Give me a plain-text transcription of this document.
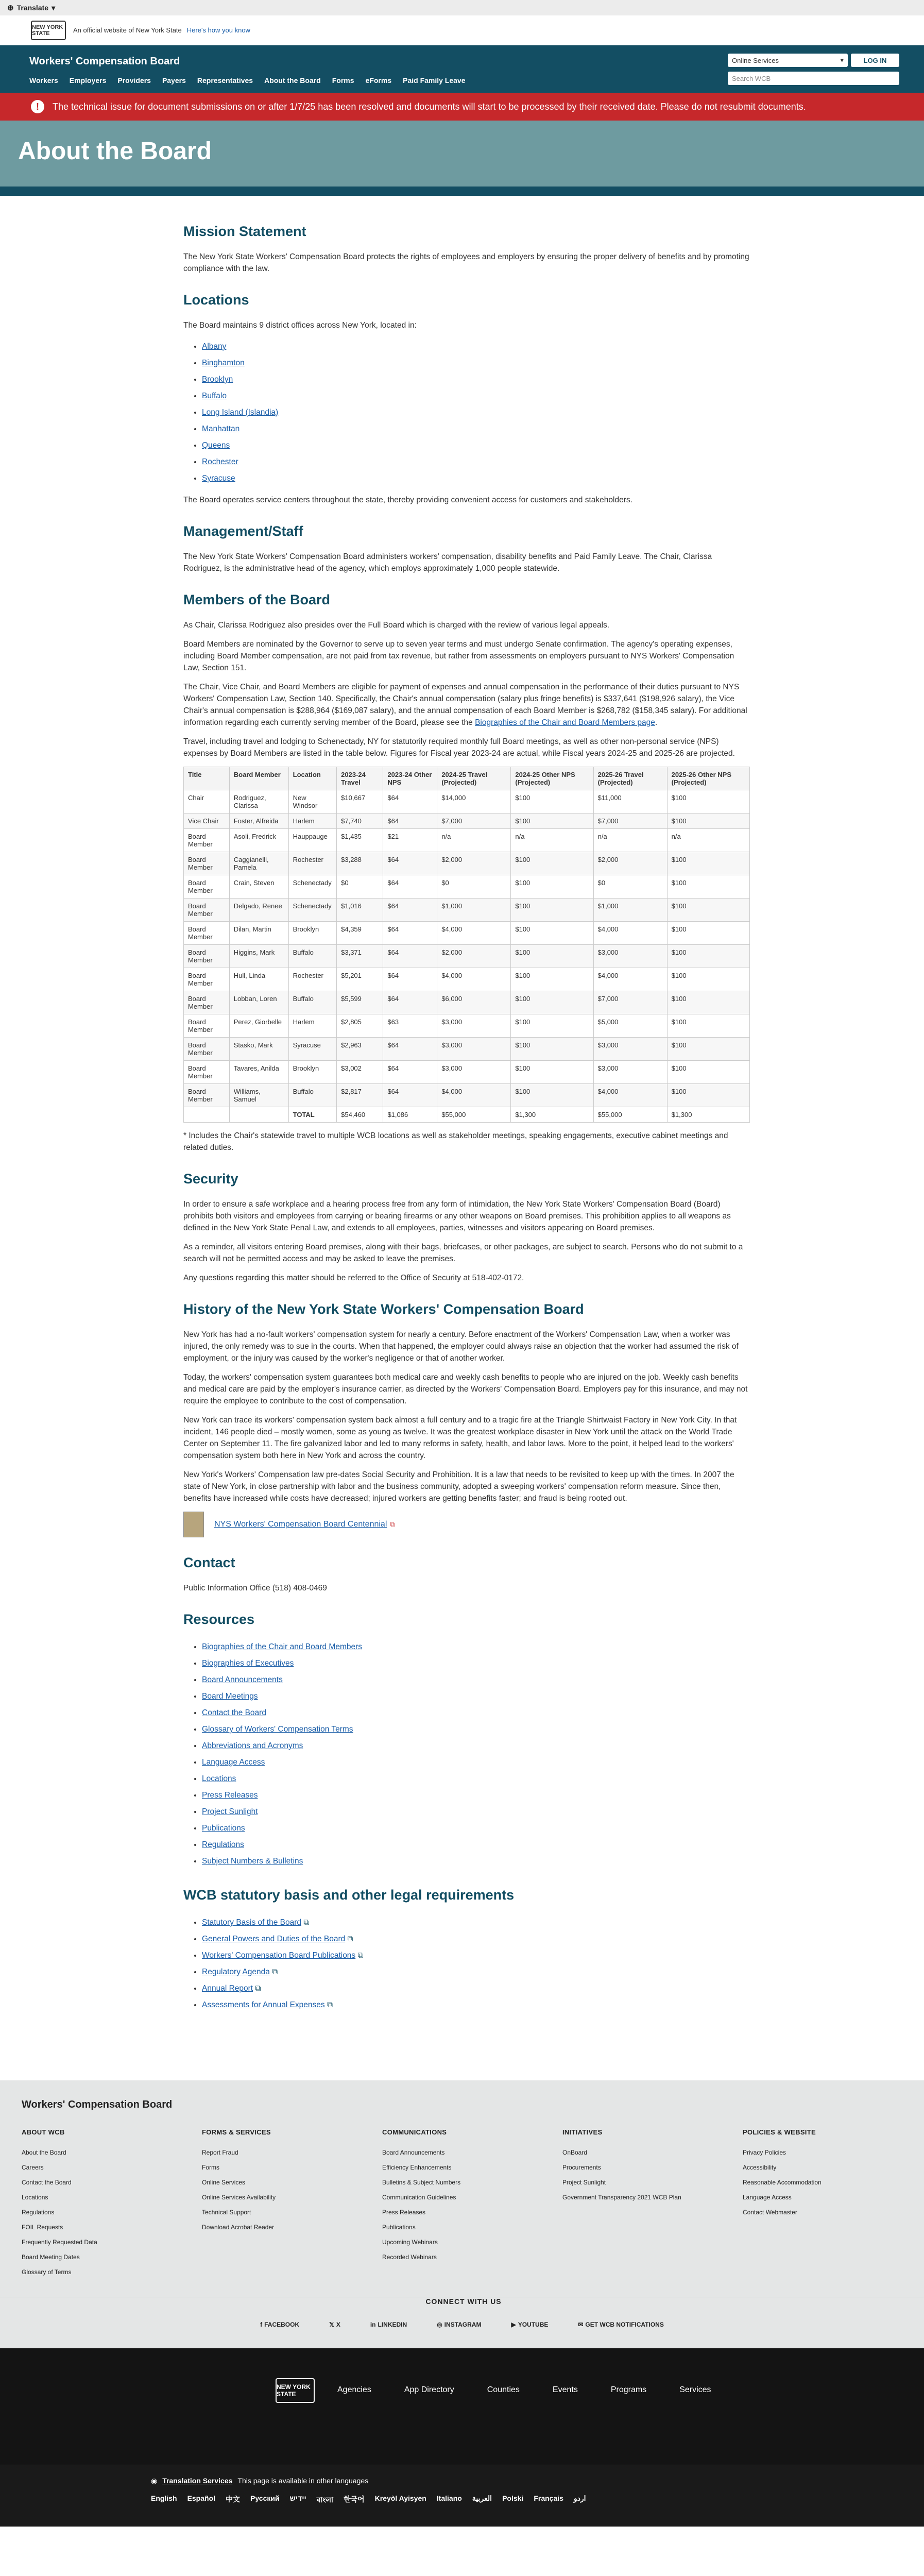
⊕ Translate ▾
NEW YORK STATE	An official website of New York State Here's how you know
Workers' Compensation Board
Workers Employers Providers Payers Representatives About the Board Forms eForms Paid Family Leave
Online Services	▾	LOG IN
Search WCB
!	The technical issue for document submissions on or after 1/7/25 has been resolved and documents will start to be processed by their received date. Please do not resubmit documents.
About the Board
Mission Statement

The New York State Workers' Compensation Board protects the rights of employees and employers by ensuring the proper delivery of benefits and by promoting compliance with the law.

Locations

The Board maintains 9 district offices across New York, located in:

• Albany
• Binghamton
• Brooklyn
• Buffalo
• Long Island (Islandia)
• Manhattan
• Queens
• Rochester
• Syracuse

The Board operates service centers throughout the state, thereby providing convenient access for customers and stakeholders.

Management/Staff

The New York State Workers' Compensation Board administers workers' compensation, disability benefits and Paid Family Leave. The Chair, Clarissa Rodriguez, is the administrative head of the agency, which employs approximately 1,000 people statewide.

Members of the Board

As Chair, Clarissa Rodriguez also presides over the Full Board which is charged with the review of various legal appeals.

Board Members are nominated by the Governor to serve up to seven year terms and must undergo Senate confirmation. The agency's operating expenses, including Board Member compensation, are not paid from tax revenue, but rather from assessments on employers pursuant to NYS Workers' Compensation Law, Section 151.

The Chair, Vice Chair, and Board Members are eligible for payment of expenses and annual compensation in the performance of their duties pursuant to NYS Workers' Compensation Law, Section 140. Specifically, the Chair's annual compensation (salary plus fringe benefits) is $337,641 ($198,926 salary), the Vice Chair's annual compensation is $288,964 ($169,087 salary), and the annual compensation of each Board Member is $268,782 ($158,345 salary). For additional information regarding each currently serving member of the Board, please see the Biographies of the Chair and Board Members page.

Travel, including travel and lodging to Schenectady, NY for statutorily required monthly full Board meetings, as well as other non-personal service (NPS) expenses by Board Members are listed in the table below. Figures for Fiscal year 2023-24 are actual, while Fiscal years 2024-25 and 2025-26 are projected.

Title	Board Member	Location	2023-24 Travel	2023-24 Other NPS	2024-25 Travel (Projected)	2024-25 Other NPS (Projected)	2025-26 Travel (Projected)	2025-26 Other NPS (Projected)
Chair	Rodriguez, Clarissa	New Windsor	$10,667	$64	$14,000	$100	$11,000	$100
Vice Chair	Foster, Alfreida	Harlem	$7,740	$64	$7,000	$100	$7,000	$100
Board Member	Asoli, Fredrick	Hauppauge	$1,435	$21	n/a	n/a	n/a	n/a
Board Member	Caggianelli, Pamela	Rochester	$3,288	$64	$2,000	$100	$2,000	$100
Board Member	Crain, Steven	Schenectady	$0	$64	$0	$100	$0	$100
Board Member	Delgado, Renee	Schenectady	$1,016	$64	$1,000	$100	$1,000	$100
Board Member	Dilan, Martin	Brooklyn	$4,359	$64	$4,000	$100	$4,000	$100
Board Member	Higgins, Mark	Buffalo	$3,371	$64	$2,000	$100	$3,000	$100
Board Member	Hull, Linda	Rochester	$5,201	$64	$4,000	$100	$4,000	$100
Board Member	Lobban, Loren	Buffalo	$5,599	$64	$6,000	$100	$7,000	$100
Board Member	Perez, Giorbelle	Harlem	$2,805	$63	$3,000	$100	$5,000	$100
Board Member	Stasko, Mark	Syracuse	$2,963	$64	$3,000	$100	$3,000	$100
Board Member	Tavares, Anilda	Brooklyn	$3,002	$64	$3,000	$100	$3,000	$100
Board Member	Williams, Samuel	Buffalo	$2,817	$64	$4,000	$100	$4,000	$100
		TOTAL	$54,460	$1,086	$55,000	$1,300	$55,000	$1,300

* Includes the Chair's statewide travel to multiple WCB locations as well as stakeholder meetings, speaking engagements, executive cabinet meetings and related duties.

Security

In order to ensure a safe workplace and a hearing process free from any form of intimidation, the New York State Workers' Compensation Board (Board) prohibits both visitors and employees from carrying or bearing firearms or any other weapons on Board premises. This prohibition applies to all weapons as defined in the New York State Penal Law, and extends to all employees, parties, witnesses and visitors appearing on Board premises.

As a reminder, all visitors entering Board premises, along with their bags, briefcases, or other packages, are subject to search. Persons who do not submit to a search will not be permitted access and may be asked to leave the premises.

Any questions regarding this matter should be referred to the Office of Security at 518-402-0172.

History of the New York State Workers' Compensation Board

New York has had a no-fault workers' compensation system for nearly a century. Before enactment of the Workers' Compensation Law, when a worker was injured, the only remedy was to sue in the courts. When that happened, the employer could always raise an objection that the worker had assumed the risk of employment, or the injury was caused by the worker's negligence or that of another worker.

Today, the workers' compensation system guarantees both medical care and weekly cash benefits to people who are injured on the job. Weekly cash benefits and medical care are paid by the employer's insurance carrier, as directed by the Workers' Compensation Board. Employers pay for this insurance, and may not require the employee to contribute to the cost of compensation.

New York can trace its workers' compensation system back almost a full century and to a tragic fire at the Triangle Shirtwaist Factory in New York City. In that incident, 146 people died – mostly women, some as young as twelve. It was the greatest workplace disaster in New York until the attack on the World Trade Center on September 11. The fire galvanized labor and led to many reforms in safety, health, and labor laws. More to the point, it helped lead to the workers' compensation system both here in New York and across the country.

New York's Workers' Compensation law pre-dates Social Security and Prohibition. It is a law that needs to be revisited to keep up with the times. In 2007 the state of New York, in close partnership with labor and the business community, adopted a sweeping workers' compensation reform measure. Since then, benefits have increased while costs have decreased; injured workers are getting benefits faster; and fraud is being rooted out.

NYS Workers' Compensation Board Centennial ⧉
Contact

Public Information Office (518) 408-0469

Resources
• Biographies of the Chair and Board Members
• Biographies of Executives
• Board Announcements
• Board Meetings
• Contact the Board
• Glossary of Workers' Compensation Terms
• Abbreviations and Acronyms
• Language Access
• Locations
• Press Releases
• Project Sunlight
• Publications
• Regulations
• Subject Numbers & Bulletins
WCB statutory basis and other legal requirements
• Statutory Basis of the Board ⧉
• General Powers and Duties of the Board ⧉
• Workers' Compensation Board Publications ⧉
• Regulatory Agenda ⧉
• Annual Report ⧉
• Assessments for Annual Expenses ⧉
Workers' Compensation Board
ABOUT WCB
About the Board
Careers
Contact the Board
Locations
Regulations
FOIL Requests
Frequently Requested Data
Board Meeting Dates
Glossary of Terms
FORMS & SERVICES
Report Fraud
Forms
Online Services
Online Services Availability
Technical Support
Download Acrobat Reader
COMMUNICATIONS
Board Announcements
Efficiency Enhancements
Bulletins & Subject Numbers
Communication Guidelines
Press Releases
Publications
Upcoming Webinars
Recorded Webinars
INITIATIVES
OnBoard
Procurements
Project Sunlight
Government Transparency 2021 WCB Plan
POLICIES & WEBSITE
Privacy Policies
Accessibility
Reasonable Accommodation
Language Access
Contact Webmaster
CONNECT WITH US
f FACEBOOK	𝕏 X	in LINKEDIN	◎ INSTAGRAM	▶ YOUTUBE	✉ GET WCB NOTIFICATIONS
NEW YORK STATE	Agencies	App Directory	Counties	Events	Programs	Services
◉ Translation Services This page is available in other languages
English Español 中文 Русский יידיש বাংলা 한국어 Kreyòl Ayisyen Italiano العربية Polski Français اردو
